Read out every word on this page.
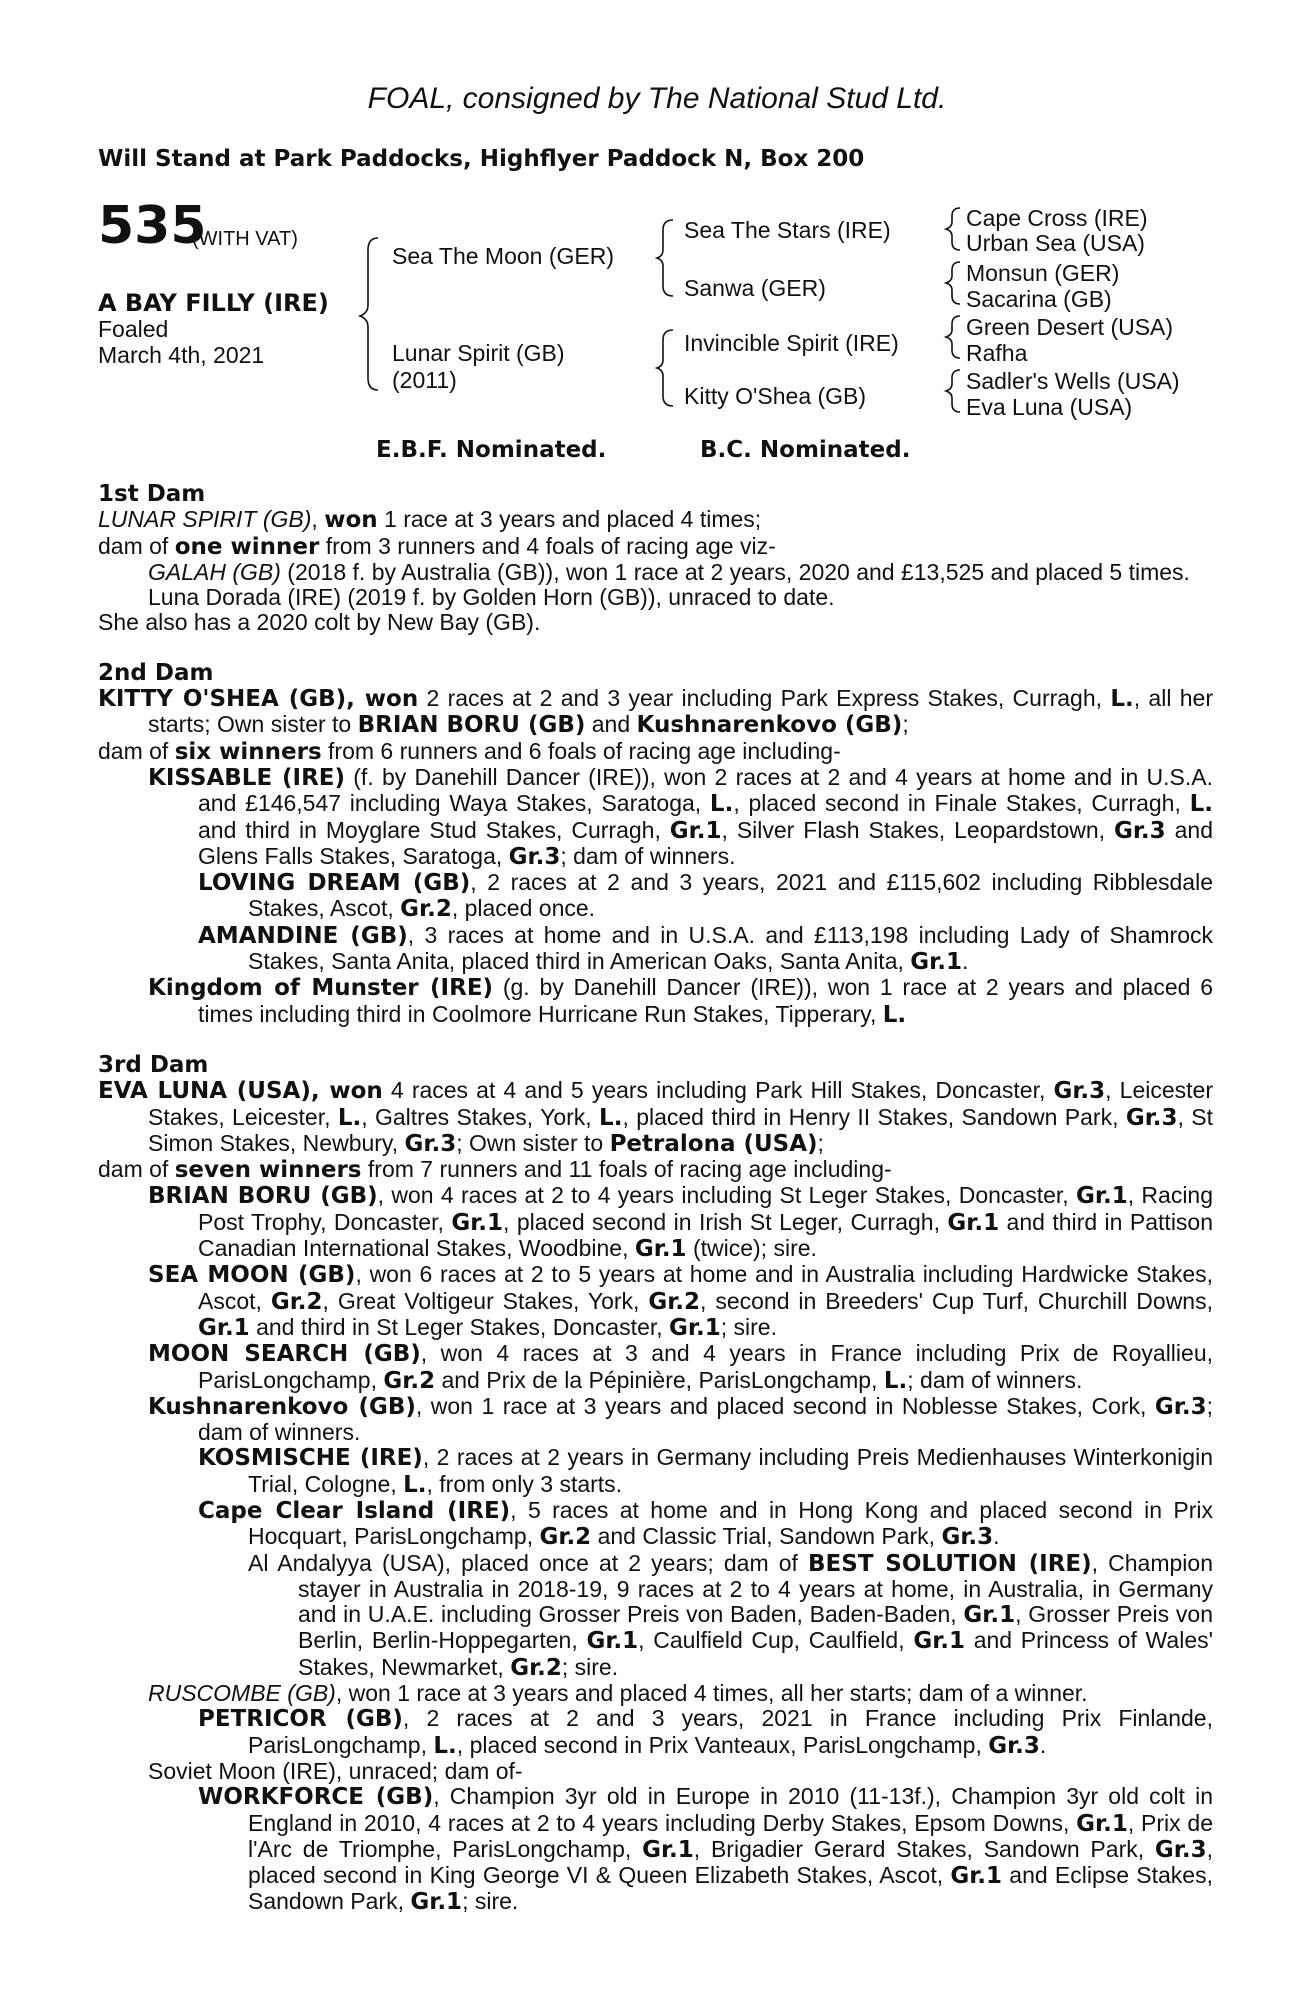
FOAL, consigned by The National Stud Ltd.
Will Stand at Park Paddocks, Highflyer Paddock N, Box 200
535
(WITH VAT)
A BAY FILLY (IRE)
Foaled
March 4th, 2021
Sea The Moon (GER)
Lunar Spirit (GB)
(2011)
Sea The Stars (IRE)
Sanwa (GER)
Invincible Spirit (IRE)
Kitty O'Shea (GB)
Cape Cross (IRE)
Urban Sea (USA)
Monsun (GER)
Sacarina (GB)
Green Desert (USA)
Rafha
Sadler's Wells (USA)
Eva Luna (USA)
E.B.F. Nominated.	B.C. Nominated.

1st Dam

LUNAR SPIRIT (GB), won 1 race at 3 years and placed 4 times;

dam of one winner from 3 runners and 4 foals of racing age viz-

GALAH (GB) (2018 f. by Australia (GB)), won 1 race at 2 years, 2020 and £13,525 and placed 5 times.

Luna Dorada (IRE) (2019 f. by Golden Horn (GB)), unraced to date.

She also has a 2020 colt by New Bay (GB).

2nd Dam

KITTY O'SHEA (GB), won 2 races at 2 and 3 year including Park Express Stakes, Curragh, L., all her starts; Own sister to BRIAN BORU (GB) and Kushnarenkovo (GB);

dam of six winners from 6 runners and 6 foals of racing age including-

KISSABLE (IRE) (f. by Danehill Dancer (IRE)), won 2 races at 2 and 4 years at home and in U.S.A. and £146,547 including Waya Stakes, Saratoga, L., placed second in Finale Stakes, Curragh, L. and third in Moyglare Stud Stakes, Curragh, Gr.1, Silver Flash Stakes, Leopardstown, Gr.3 and Glens Falls Stakes, Saratoga, Gr.3; dam of winners.

LOVING DREAM (GB), 2 races at 2 and 3 years, 2021 and £115,602 including Ribblesdale Stakes, Ascot, Gr.2, placed once.

AMANDINE (GB), 3 races at home and in U.S.A. and £113,198 including Lady of Shamrock Stakes, Santa Anita, placed third in American Oaks, Santa Anita, Gr.1.

Kingdom of Munster (IRE) (g. by Danehill Dancer (IRE)), won 1 race at 2 years and placed 6 times including third in Coolmore Hurricane Run Stakes, Tipperary, L.

3rd Dam

EVA LUNA (USA), won 4 races at 4 and 5 years including Park Hill Stakes, Doncaster, Gr.3, Leicester Stakes, Leicester, L., Galtres Stakes, York, L., placed third in Henry II Stakes, Sandown Park, Gr.3, St Simon Stakes, Newbury, Gr.3; Own sister to Petralona (USA);

dam of seven winners from 7 runners and 11 foals of racing age including-

BRIAN BORU (GB), won 4 races at 2 to 4 years including St Leger Stakes, Doncaster, Gr.1, Racing Post Trophy, Doncaster, Gr.1, placed second in Irish St Leger, Curragh, Gr.1 and third in Pattison Canadian International Stakes, Woodbine, Gr.1 (twice); sire.

SEA MOON (GB), won 6 races at 2 to 5 years at home and in Australia including Hardwicke Stakes, Ascot, Gr.2, Great Voltigeur Stakes, York, Gr.2, second in Breeders' Cup Turf, Churchill Downs, Gr.1 and third in St Leger Stakes, Doncaster, Gr.1; sire.

MOON SEARCH (GB), won 4 races at 3 and 4 years in France including Prix de Royallieu, ParisLongchamp, Gr.2 and Prix de la Pépinière, ParisLongchamp, L.; dam of winners.

Kushnarenkovo (GB), won 1 race at 3 years and placed second in Noblesse Stakes, Cork, Gr.3; dam of winners.

KOSMISCHE (IRE), 2 races at 2 years in Germany including Preis Medienhauses Winterkonigin Trial, Cologne, L., from only 3 starts.

Cape Clear Island (IRE), 5 races at home and in Hong Kong and placed second in Prix Hocquart, ParisLongchamp, Gr.2 and Classic Trial, Sandown Park, Gr.3.

Al Andalyya (USA), placed once at 2 years; dam of BEST SOLUTION (IRE), Champion stayer in Australia in 2018-19, 9 races at 2 to 4 years at home, in Australia, in Germany and in U.A.E. including Grosser Preis von Baden, Baden-Baden, Gr.1, Grosser Preis von Berlin, Berlin-Hoppegarten, Gr.1, Caulfield Cup, Caulfield, Gr.1 and Princess of Wales' Stakes, Newmarket, Gr.2; sire.

RUSCOMBE (GB), won 1 race at 3 years and placed 4 times, all her starts; dam of a winner.

PETRICOR (GB), 2 races at 2 and 3 years, 2021 in France including Prix Finlande, ParisLongchamp, L., placed second in Prix Vanteaux, ParisLongchamp, Gr.3.

Soviet Moon (IRE), unraced; dam of-

WORKFORCE (GB), Champion 3yr old in Europe in 2010 (11-13f.), Champion 3yr old colt in England in 2010, 4 races at 2 to 4 years including Derby Stakes, Epsom Downs, Gr.1, Prix de l'Arc de Triomphe, ParisLongchamp, Gr.1, Brigadier Gerard Stakes, Sandown Park, Gr.3, placed second in King George VI & Queen Elizabeth Stakes, Ascot, Gr.1 and Eclipse Stakes, Sandown Park, Gr.1; sire.
